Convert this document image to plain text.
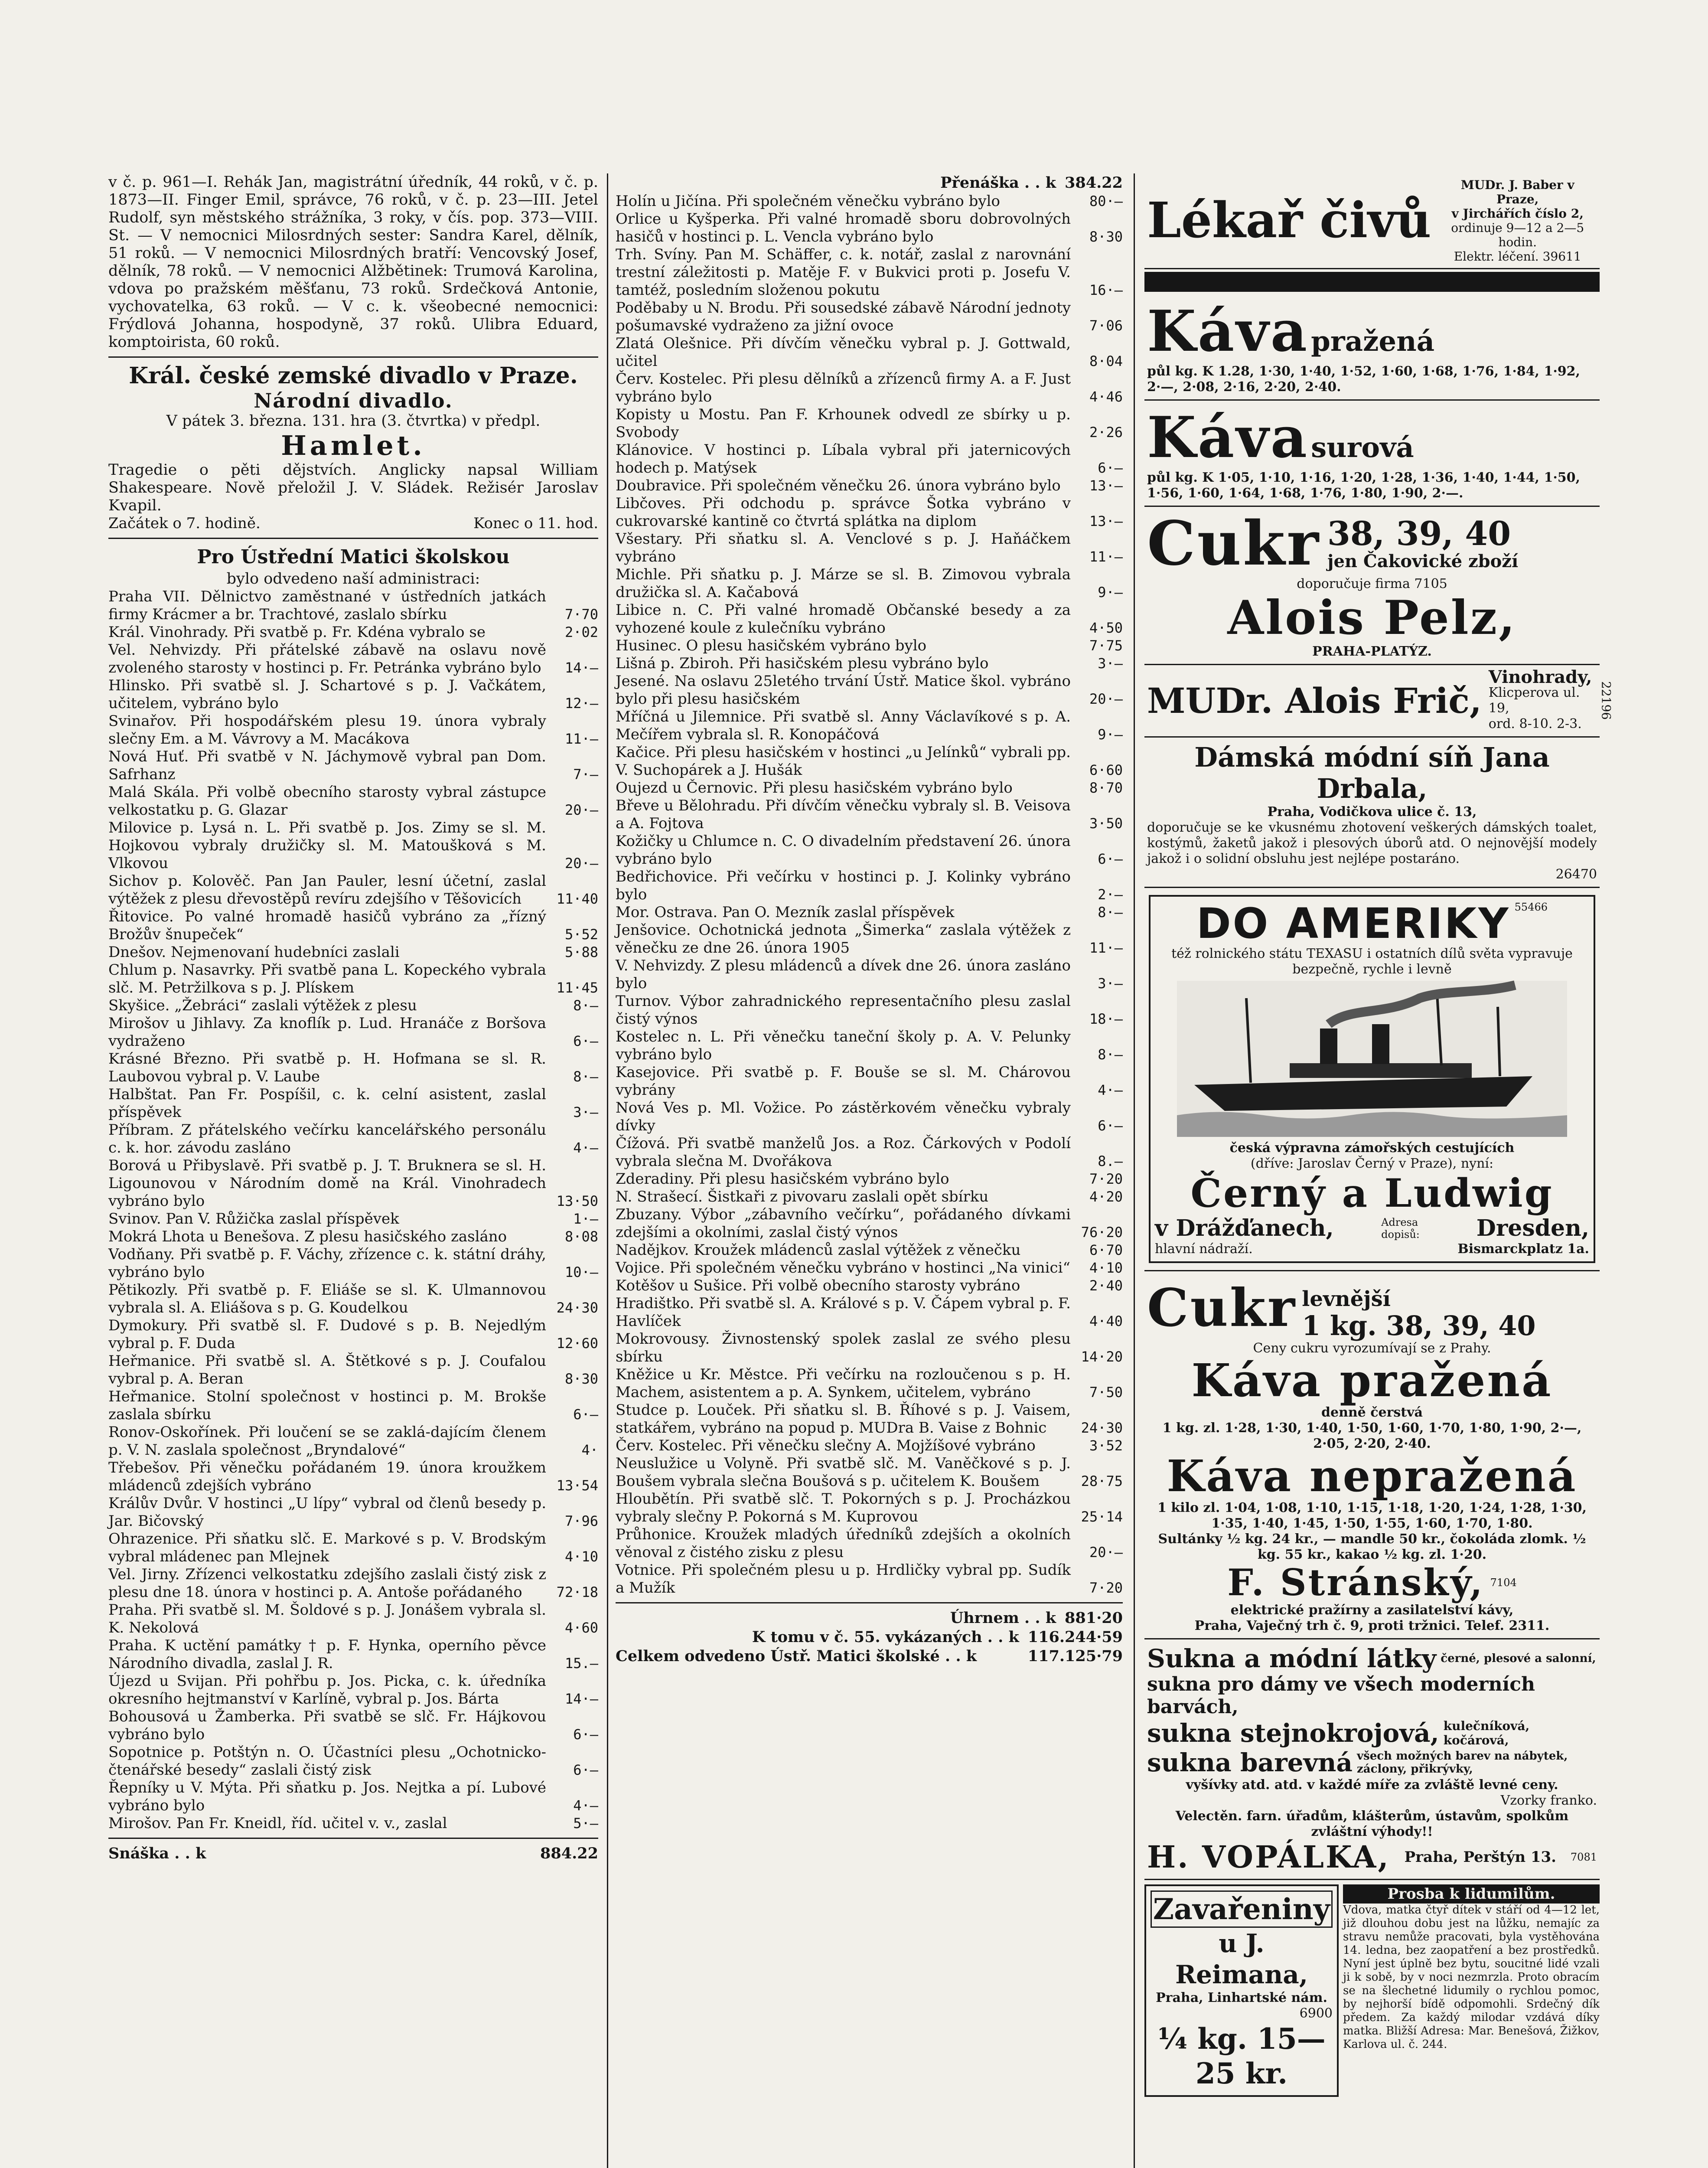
v č. p. 961—I. Rehák Jan, magistrátní úředník, 44 roků, v č. p. 1873—II. Finger Emil, správce, 76 roků, v č. p. 23—III. Jetel Rudolf, syn městského strážníka, 3 roky, v čís. pop. 373—VIII. St. — V nemocnici Milosrdných sester: Sandra Karel, dělník, 51 roků. — V nemocnici Milosrdných bratří: Vencovský Josef, dělník, 78 roků. — V nemocnici Alžbětinek: Trumová Karolina, vdova po pražském měšťanu, 73 roků. Srdečková Antonie, vychovatelka, 63 roků. — V c. k. všeobecné nemocnici: Frýdlová Johanna, hospodyně, 37 roků. Ulibra Eduard, komptoirista, 60 roků.

Král. české zemské divadlo v Praze.

Národní divadlo.

V pátek 3. března. 131. hra (3. čtvrtka) v předpl.

Hamlet.

Tragedie o pěti dějstvích. Anglicky napsal William Shakespeare. Nově přeložil J. V. Sládek. Režisér Jaroslav Kvapil.

Začátek o 7. hodině.	Konec o 11. hod.

Pro Ústřední Matici školskou

bylo odvedeno naší administraci:

Praha VII. Dělnictvo zaměstnané v ústředních jatkách firmy Krácmer a br. Trachtové, zaslalo sbírku	7·70
Král. Vinohrady. Při svatbě p. Fr. Kdéna vybralo se	2·02
Vel. Nehvizdy. Při přátelské zábavě na oslavu nově zvoleného starosty v hostinci p. Fr. Petránka vybráno bylo	14·—
Hlinsko. Při svatbě sl. J. Schartové s p. J. Vačkátem, učitelem, vybráno bylo	12·—
Svinařov. Při hospodářském plesu 19. února vybraly slečny Em. a M. Vávrovy a M. Macákova	11·—
Nová Huť. Při svatbě v N. Jáchymově vybral pan Dom. Safrhanz	7·—
Malá Skála. Při volbě obecního starosty vybral zástupce velkostatku p. G. Glazar	20·—
Milovice p. Lysá n. L. Při svatbě p. Jos. Zimy se sl. M. Hojkovou vybraly družičky sl. M. Matoušková s M. Vlkovou	20·—
Sichov p. Kolověč. Pan Jan Pauler, lesní účetní, zaslal výtěžek z plesu dřevostěpů revíru zdejšího v Těšovicích	11·40
Řitovice. Po valné hromadě hasičů vybráno za „řízný Brožův šnupeček“	5·52
Dnešov. Nejmenovaní hudebníci zaslali	5·88
Chlum p. Nasavrky. Při svatbě pana L. Kopeckého vybrala slč. M. Petržilkova s p. J. Plískem	11·45
Skyšice. „Žebráci“ zaslali výtěžek z plesu	8·—
Mirošov u Jihlavy. Za knoflík p. Lud. Hranáče z Boršova vydraženo	6·—
Krásné Březno. Při svatbě p. H. Hofmana se sl. R. Laubovou vybral p. V. Laube	8·—
Halbštat. Pan Fr. Pospíšil, c. k. celní asistent, zaslal příspěvek	3·—
Příbram. Z přátelského večírku kancelářského personálu c. k. hor. závodu zasláno	4·—
Borová u Přibyslavě. Při svatbě p. J. T. Bruknera se sl. H. Ligounovou v Národním domě na Král. Vinohradech vybráno bylo	13·50
Svinov. Pan V. Růžička zaslal příspěvek	1·—
Mokrá Lhota u Benešova. Z plesu hasičského zasláno	8·08
Vodňany. Při svatbě p. F. Váchy, zřízence c. k. státní dráhy, vybráno bylo	10·—
Pětikozly. Při svatbě p. F. Eliáše se sl. K. Ulmannovou vybrala sl. A. Eliášova s p. G. Koudelkou	24·30
Dymokury. Při svatbě sl. F. Dudové s p. B. Nejedlým vybral p. F. Duda	12·60
Heřmanice. Při svatbě sl. A. Štětkové s p. J. Coufalou vybral p. A. Beran	8·30
Heřmanice. Stolní společnost v hostinci p. M. Brokše zaslala sbírku	6·—
Ronov-Oskořínek. Při loučení se se zaklá-dajícím členem p. V. N. zaslala společnost „Bryndalové“	4·
Třebešov. Při věnečku pořádaném 19. února kroužkem mládenců zdejších vybráno	13·54
Králův Dvůr. V hostinci „U lípy“ vybral od členů besedy p. Jar. Bičovský	7·96
Ohrazenice. Při sňatku slč. E. Markové s p. V. Brodským vybral mládenec pan Mlejnek	4·10
Vel. Jirny. Zřízenci velkostatku zdejšího zaslali čistý zisk z plesu dne 18. února v hostinci p. A. Antoše pořádaného	72·18
Praha. Při svatbě sl. M. Šoldové s p. J. Jonášem vybrala sl. K. Nekolová	4·60
Praha. K uctění památky † p. F. Hynka, operního pěvce Národního divadla, zaslal J. R.	15.—
Újezd u Svijan. Při pohřbu p. Jos. Picka, c. k. úředníka okresního hejtmanství v Karlíně, vybral p. Jos. Bárta	14·—
Bohousová u Žamberka. Při svatbě se slč. Fr. Hájkovou vybráno bylo	6·—
Sopotnice p. Potštýn n. O. Účastníci plesu „Ochotnicko-čtenářské besedy“ zaslali čistý zisk	6·—
Řepníky u V. Mýta. Při sňatku p. Jos. Nejtka a pí. Lubové vybráno bylo	4·—
Mirošov. Pan Fr. Kneidl, říd. učitel v. v., zaslal	5·—
Snáška . . k	884.22
Přenáška . . k 384.22
Holín u Jičína. Při společném věnečku vybráno bylo	80·—
Orlice u Kyšperka. Při valné hromadě sboru dobrovolných hasičů v hostinci p. L. Vencla vybráno bylo	8·30
Trh. Svíny. Pan M. Schäffer, c. k. notář, zaslal z narovnání trestní záležitosti p. Matěje F. v Bukvici proti p. Josefu V. tamtéž, posledním složenou pokutu	16·—
Poděbaby u N. Brodu. Při sousedské zábavě Národní jednoty pošumavské vydraženo za jižní ovoce	7·06
Zlatá Olešnice. Při dívčím věnečku vybral p. J. Gottwald, učitel	8·04
Červ. Kostelec. Při plesu dělníků a zřízenců firmy A. a F. Just vybráno bylo	4·46
Kopisty u Mostu. Pan F. Krhounek odvedl ze sbírky u p. Svobody	2·26
Klánovice. V hostinci p. Líbala vybral při jaternicových hodech p. Matýsek	6·—
Doubravice. Při společném věnečku 26. února vybráno bylo	13·—
Libčoves. Při odchodu p. správce Šotka vybráno v cukrovarské kantině co čtvrtá splátka na diplom	13·—
Všestary. Při sňatku sl. A. Venclové s p. J. Haňáčkem vybráno	11·—
Michle. Při sňatku p. J. Márze se sl. B. Zimovou vybrala družička sl. A. Kačabová	9·—
Libice n. C. Při valné hromadě Občanské besedy a za vyhozené koule z kulečníku vybráno	4·50
Husinec. O plesu hasičském vybráno bylo	7·75
Lišná p. Zbiroh. Při hasičském plesu vybráno bylo	3·—
Jesené. Na oslavu 25letého trvání Ústř. Matice škol. vybráno bylo při plesu hasičském	20·—
Mříčná u Jilemnice. Při svatbě sl. Anny Václavíkové s p. A. Mečířem vybrala sl. R. Konopáčová	9·—
Kačice. Při plesu hasičském v hostinci „u Jelínků“ vybrali pp. V. Suchopárek a J. Hušák	6·60
Oujezd u Černovic. Při plesu hasičském vybráno bylo	8·70
Břeve u Bělohradu. Při dívčím věnečku vybraly sl. B. Veisova a A. Fojtova	3·50
Kožičky u Chlumce n. C. O divadelním představení 26. února vybráno bylo	6·—
Bedřichovice. Při večírku v hostinci p. J. Kolinky vybráno bylo	2·—
Mor. Ostrava. Pan O. Mezník zaslal příspěvek	8·—
Jenšovice. Ochotnická jednota „Šimerka“ zaslala výtěžek z věnečku ze dne 26. února 1905	11·—
V. Nehvizdy. Z plesu mládenců a dívek dne 26. února zasláno bylo	3·—
Turnov. Výbor zahradnického representačního plesu zaslal čistý výnos	18·—
Kostelec n. L. Při věnečku taneční školy p. A. V. Pelunky vybráno bylo	8·—
Kasejovice. Při svatbě p. F. Bouše se sl. M. Chárovou vybrány	4·—
Nová Ves p. Ml. Vožice. Po zástěrkovém věnečku vybraly dívky	6·—
Čížová. Při svatbě manželů Jos. a Roz. Čárkových v Podolí vybrala slečna M. Dvořákova	8.—
Zderadiny. Při plesu hasičském vybráno bylo	7·20
N. Strašecí. Šistkaři z pivovaru zaslali opět sbírku	4·20
Zbuzany. Výbor „zábavního večírku“, pořádaného dívkami zdejšími a okolními, zaslal čistý výnos	76·20
Nadějkov. Kroužek mládenců zaslal výtěžek z věnečku	6·70
Vojice. Při společném věnečku vybráno v hostinci „Na vinici“	4·10
Kotěšov u Sušice. Při volbě obecního starosty vybráno	2·40
Hradištko. Při svatbě sl. A. Králové s p. V. Čápem vybral p. F. Havlíček	4·40
Mokrovousy. Živnostenský spolek zaslal ze svého plesu sbírku	14·20
Kněžice u Kr. Městce. Při večírku na rozloučenou s p. H. Machem, asistentem a p. A. Synkem, učitelem, vybráno	7·50
Studce p. Louček. Při sňatku sl. B. Říhové s p. J. Vaisem, statkářem, vybráno na popud p. MUDra B. Vaise z Bohnic	24·30
Červ. Kostelec. Při věnečku slečny A. Mojžíšové vybráno	3·52
Neuslužice u Volyně. Při svatbě slč. M. Vaněčkové s p. J. Boušem vybrala slečna Boušová s p. učitelem K. Boušem	28·75
Hloubětín. Při svatbě slč. T. Pokorných s p. J. Procházkou vybraly slečny P. Pokorná s M. Kuprovou	25·14
Průhonice. Kroužek mladých úředníků zdejších a okolních věnoval z čistého zisku z plesu	20·—
Votnice. Při společném plesu u p. Hrdličky vybral pp. Sudík a Mužík	7·20
Úhrnem . . k 881·20
K tomu v č. 55. vykázaných . . k 116.244·59
Celkem odvedeno Ústř. Matici školské . . k	117.125·79
Lékař čivů
MUDr. J. Baber v Praze,
v Jirchářích číslo 2,
ordinuje 9—12 a 2—5 hodin.
Elektr. léčení. 39611
Káva pražená
půl kg. K 1.28, 1·30, 1·40, 1·52, 1·60, 1·68, 1·76, 1·84, 1·92, 2·—, 2·08, 2·16, 2·20, 2·40.
Káva surová
půl kg. K 1·05, 1·10, 1·16, 1·20, 1·28, 1·36, 1·40, 1·44, 1·50, 1·56, 1·60, 1·64, 1·68, 1·76, 1·80, 1·90, 2·—.
Cukr 38, 39, 40
jen Čakovické zboží
doporučuje firma 7105
Alois Pelz,
PRAHA-PLATÝZ.
MUDr. Alois Frič,
Vinohrady,
Klicperova ul. 19,
ord. 8-10. 2-3.
22196
Dámská módní síň Jana Drbala,
Praha, Vodičkova ulice č. 13,
doporučuje se ke vkusnému zhotovení veškerých dámských toalet, kostýmů, žaketů jakož i plesových úborů atd. O nejnovější modely jakož i o solidní obsluhu jest nejlépe postaráno.
26470
DO AMERIKY 55466
též rolnického státu TEXASU i ostatních dílů světa vypravuje bezpečně, rychle i levně
česká výpravna zámořských cestujících
(dříve: Jaroslav Černý v Praze), nyní:
Černý a Ludwig
v Drážďanech,	Adresa dopisů:	Dresden,
hlavní nádraží.	Bismarckplatz 1a.
Cukr levnější
1 kg. 38, 39, 40
Ceny cukru vyrozumívají se z Prahy.
Káva pražená
denně čerstvá
1 kg. zl. 1·28, 1·30, 1·40, 1·50, 1·60, 1·70, 1·80, 1·90, 2·—, 2·05, 2·20, 2·40.
Káva nepražená
1 kilo zl. 1·04, 1·08, 1·10, 1·15, 1·18, 1·20, 1·24, 1·28, 1·30, 1·35, 1·40, 1·45, 1·50, 1·55, 1·60, 1·70, 1·80.
Sultánky ½ kg. 24 kr., — mandle 50 kr., čokoláda zlomk. ½ kg. 55 kr., kakao ½ kg. zl. 1·20.
F. Stránský, 7104
elektrické pražírny a zasilatelství kávy,
Praha, Vaječný trh č. 9, proti tržnici. Telef. 2311.
Sukna a módní látky černé, plesové a salonní,
sukna pro dámy ve všech moderních barvách,
sukna stejnokrojová, kulečníková, kočárová,
sukna barevná všech možných barev na nábytek, záclony, přikrývky,
vyšívky atd. atd. v každé míře za zvláště levné ceny.
Vzorky franko.
Velectěn. farn. úřadům, klášterům, ústavům, spolkům zvláštní výhody!!
H. VOPÁLKA, Praha, Perštýn 13. 7081
Zavařeniny
u J. Reimana,
Praha, Linhartské nám.
6900
¼ kg. 15—25 kr.
Prosba k lidumilům.
Vdova, matka čtyř dítek v stáří od 4—12 let, již dlouhou dobu jest na lůžku, nemajíc za stravu nemůže pracovati, byla vystěhována 14. ledna, bez zaopatření a bez prostředků. Nyní jest úplně bez bytu, soucitné lidé vzali ji k sobě, by v noci nezmrzla. Proto obracím se na šlechetné lidumily o rychlou pomoc, by nejhorší bídě odpomohli. Srdečný dík předem. Za každý milodar vzdává díky matka. Bližší Adresa: Mar. Benešová, Žižkov, Karlova ul. č. 244.
